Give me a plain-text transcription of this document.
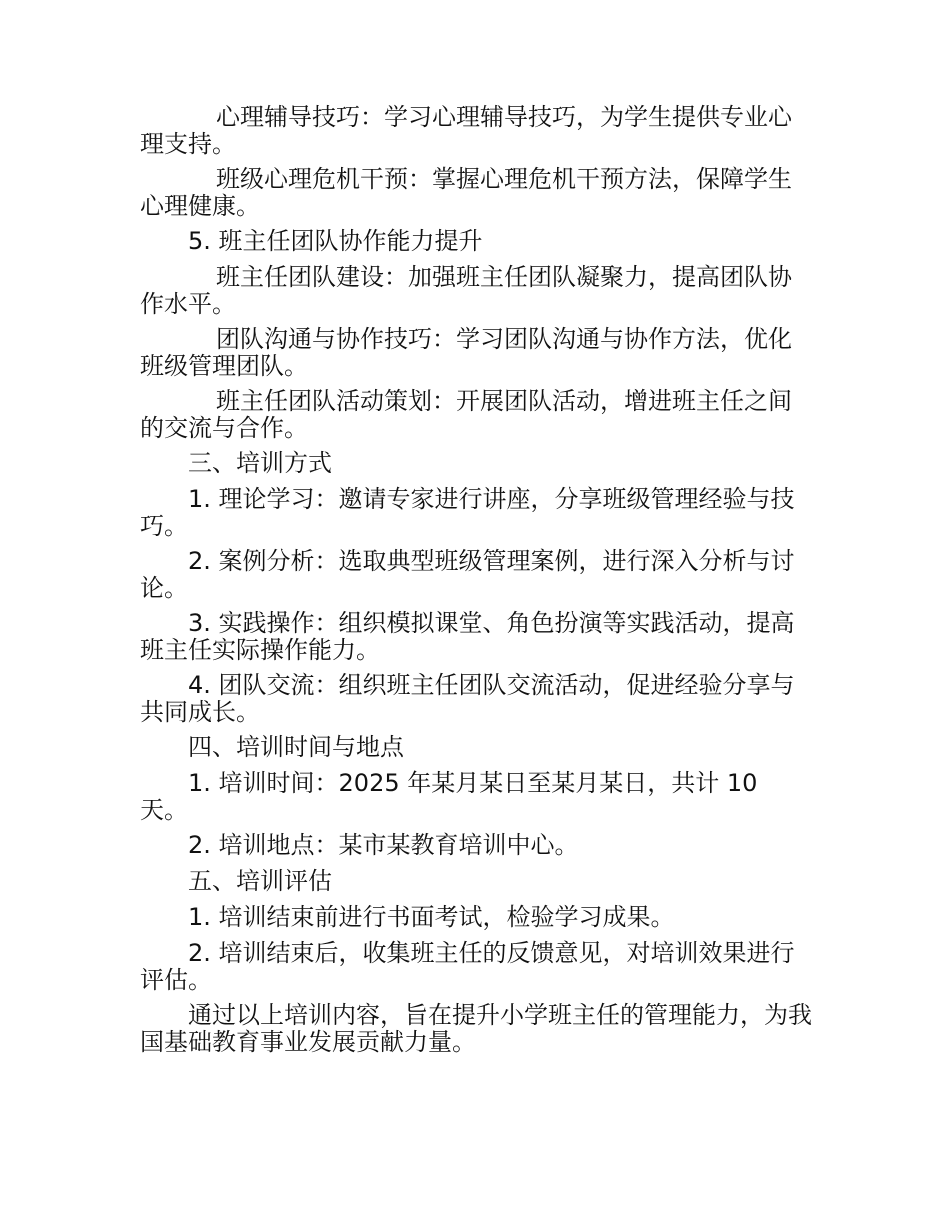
心理辅导技巧：学习心理辅导技巧，为学生提供专业心理支持。

班级心理危机干预：掌握心理危机干预方法，保障学生心理健康。

5. 班主任团队协作能力提升

班主任团队建设：加强班主任团队凝聚力，提高团队协作水平。

团队沟通与协作技巧：学习团队沟通与协作方法，优化班级管理团队。

班主任团队活动策划：开展团队活动，增进班主任之间的交流与合作。

三、培训方式

1. 理论学习：邀请专家进行讲座，分享班级管理经验与技巧。

2. 案例分析：选取典型班级管理案例，进行深入分析与讨论。

3. 实践操作：组织模拟课堂、角色扮演等实践活动，提高班主任实际操作能力。

4. 团队交流：组织班主任团队交流活动，促进经验分享与共同成长。

四、培训时间与地点

1. 培训时间：2025 年某月某日至某月某日，共计 10 天。

2. 培训地点：某市某教育培训中心。

五、培训评估

1. 培训结束前进行书面考试，检验学习成果。

2. 培训结束后，收集班主任的反馈意见，对培训效果进行评估。

通过以上培训内容，旨在提升小学班主任的管理能力，为我国基础教育事业发展贡献力量。
